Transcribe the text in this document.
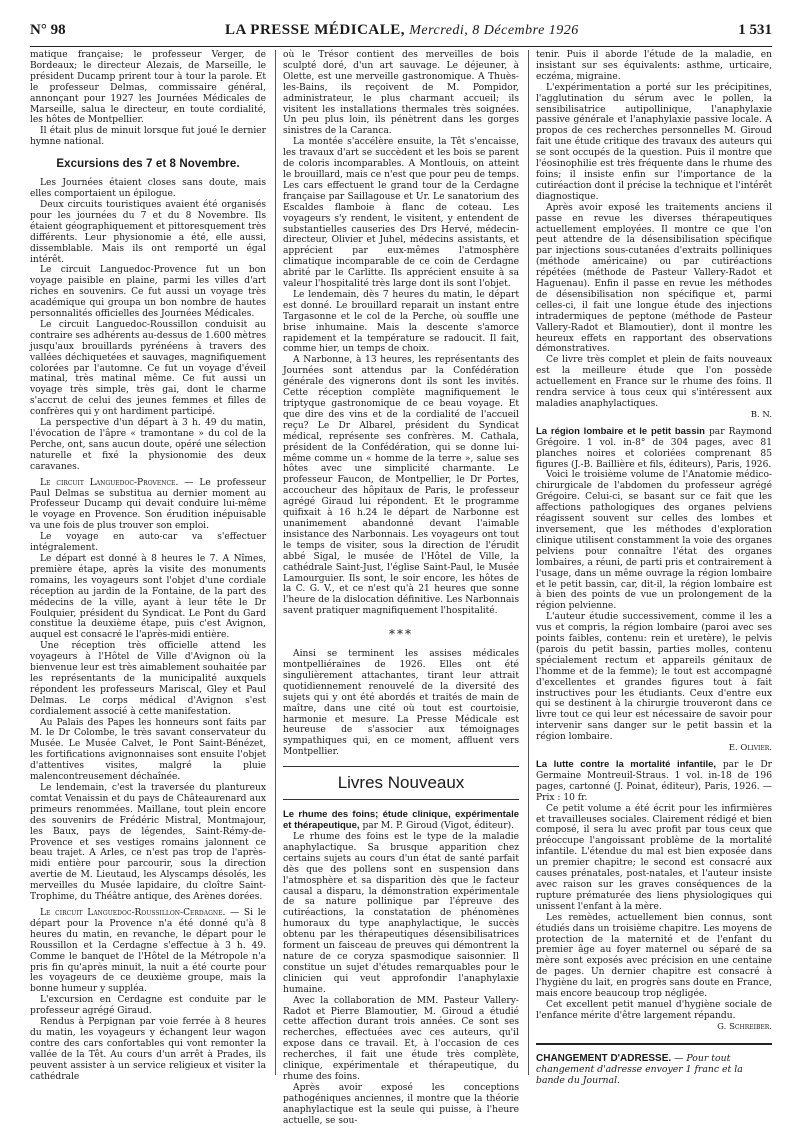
N° 98	LA PRESSE MÉDICALE, Mercredi, 8 Décembre 1926	1 531

matique française; le professeur Verger, de Bordeaux; le directeur Alezais, de Marseille, le président Ducamp prirent tour à tour la parole. Et le professeur Delmas, commissaire général, annonçant pour 1927 les Journées Médicales de Marseille, salua le directeur, en toute cordialité, les hôtes de Montpellier.

Il était plus de minuit lorsque fut joué le dernier hymne national.

Excursions des 7 et 8 Novembre.

Les Journées étaient closes sans doute, mais elles comportaient un épilogue.

Deux circuits touristiques avaient été organisés pour les journées du 7 et du 8 Novembre. Ils étaient géographiquement et pittoresquement très différents. Leur physionomie a été, elle aussi, dissemblable. Mais ils ont remporté un égal intérêt.

Le circuit Languedoc-Provence fut un bon voyage paisible en plaine, parmi les villes d'art riches en souvenirs. Ce fut aussi un voyage très académique qui groupa un bon nombre de hautes personnalités officielles des Journées Médicales.

Le circuit Languedoc-Roussillon conduisit au contraire ses adhérents au-dessus de 1.600 mètres jusqu'aux brouillards pyrénéens à travers des vallées déchiquetées et sauvages, magnifiquement colorées par l'automne. Ce fut un voyage d'éveil matinal, très matinal même. Ce fut aussi un voyage très simple, très gai, dont le charme s'accrut de celui des jeunes femmes et filles de confrères qui y ont hardiment participé.

La perspective d'un départ à 3 h. 49 du matin, l'évocation de l'âpre « tramontane » du col de la Perche, ont, sans aucun doute, opéré une sélection naturelle et fixé la physionomie des deux caravanes.

Le circuit Languedoc-Provence. — Le professeur Paul Delmas se substitua au dernier moment au Professeur Ducamp qui devait conduire lui-même le voyage en Provence. Son érudition inépuisable va une fois de plus trouver son emploi.

Le voyage en auto-car va s'effectuer intégralement.

Le départ est donné à 8 heures le 7. A Nîmes, première étape, après la visite des monuments romains, les voyageurs sont l'objet d'une cordiale réception au jardin de la Fontaine, de la part des médecins de la ville, ayant à leur tête le Dr Foulquier, président du Syndicat. Le Pont du Gard constitue la deuxième étape, puis c'est Avignon, auquel est consacré le l'après-midi entière.

Une réception très officielle attend les voyageurs à l'Hôtel de Ville d'Avignon où la bienvenue leur est très aimablement souhaitée par les représentants de la municipalité auxquels répondent les professeurs Mariscal, Gley et Paul Delmas. Le corps médical d'Avignon s'est cordialement associé à cette manifestation.

Au Palais des Papes les honneurs sont faits par M. le Dr Colombe, le très savant conservateur du Musée. Le Musée Calvet, le Pont Saint-Bénézet, les fortifications avignonnaises sont ensuite l'objet d'attentives visites, malgré la pluie malencontreusement déchaînée.

Le lendemain, c'est la traversée du plantureux comtat Venaissin et du pays de Châteaurenard aux primeurs renommées. Maillane, tout plein encore des souvenirs de Frédéric Mistral, Montmajour, les Baux, pays de légendes, Saint-Rémy-de-Provence et ses vestiges romains jalonnent ce beau trajet. A Arles, ce n'est pas trop de l'après-midi entière pour parcourir, sous la direction avertie de M. Lieutaud, les Alyscamps désolés, les merveilles du Musée lapidaire, du cloître Saint-Trophime, du Théâtre antique, des Arènes dorées.

Le circuit Languedoc-Roussillon-Cerdagne. — Si le départ pour la Provence n'a été donné qu'à 8 heures du matin, en revanche, le départ pour le Roussillon et la Cerdagne s'effectue à 3 h. 49. Comme le banquet de l'Hôtel de la Métropole n'a pris fin qu'après minuit, la nuit a été courte pour les voyageurs de ce deuxième groupe, mais la bonne humeur y suppléa.

L'excursion en Cerdagne est conduite par le professeur agrégé Giraud.

Rendus à Perpignan par voie ferrée à 8 heures du matin, les voyageurs y échangent leur wagon contre des cars confortables qui vont remonter la vallée de la Têt. Au cours d'un arrêt à Prades, ils peuvent assister à un service religieux et visiter la cathédrale

où le Trésor contient des merveilles de bois sculpté doré, d'un art sauvage. Le déjeuner, à Olette, est une merveille gastronomique. A Thuès-les-Bains, ils reçoivent de M. Pompidor, administrateur, le plus charmant accueil; ils visitent les installations thermales très soignées. Un peu plus loin, ils pénètrent dans les gorges sinistres de la Caranca.

La montée s'accélère ensuite, la Têt s'encaisse, les travaux d'art se succèdent et les bois se parent de coloris incomparables. A Montlouis, on atteint le brouillard, mais ce n'est que pour peu de temps. Les cars effectuent le grand tour de la Cerdagne française par Saillagouse et Ur. Le sanatorium des Escaldes flamboie à flanc de coteau. Les voyageurs s'y rendent, le visitent, y entendent de substantielles causeries des Drs Hervé, médecin-directeur, Olivier et Juhel, médecins assistants, et apprécient par eux-mêmes l'atmosphère climatique incomparable de ce coin de Cerdagne abrité par le Carlitte. Ils apprécient ensuite à sa valeur l'hospitalité très large dont ils sont l'objet.

Le lendemain, dès 7 heures du matin, le départ est donné. Le brouillard reparait un instant entre Targasonne et le col de la Perche, où souffle une brise inhumaine. Mais la descente s'amorce rapidement et la température se radoucit. Il fait, comme hier, un temps de choix.

A Narbonne, à 13 heures, les représentants des Journées sont attendus par la Confédération générale des vignerons dont ils sont les invités. Cette réception complète magnifiquement le triptyque gastronomique de ce beau voyage. Et que dire des vins et de la cordialité de l'accueil reçu? Le Dr Albarel, président du Syndicat médical, représente ses confrères. M. Cathala, président de la Confédération, qui se donne lui-même comme un « homme de la terre », salue ses hôtes avec une simplicité charmante. Le professeur Faucon, de Montpellier, le Dr Portes, accoucheur des hôpitaux de Paris, le professeur agrégé Giraud lui répondent. Et le programme quifixait à 16 h.24 le départ de Narbonne est unanimement abandonné devant l'aimable insistance des Narbonnais. Les voyageurs ont tout le temps de visiter, sous la direction de l'érudit abbé Sigal, le musée de l'Hôtel de Ville, la cathédrale Saint-Just, l'église Saint-Paul, le Musée Lamourguier. Ils sont, le soir encore, les hôtes de la C. G. V., et ce n'est qu'à 21 heures que sonne l'heure de la dislocation définitive. Les Narbonnais savent pratiquer magnifiquement l'hospitalité.

***

Ainsi se terminent les assises médicales montpelliéraines de 1926. Elles ont été singulièrement attachantes, tirant leur attrait quotidiennement renouvelé de la diversité des sujets qui y ont été abordés et traités de main de maître, dans une cité où tout est courtoisie, harmonie et mesure. La Presse Médicale est heureuse de s'associer aux témoignages sympathiques qui, en ce moment, affluent vers Montpellier.

Livres Nouveaux
Le rhume des foins; étude clinique, expérimentale et thérapeutique, par M. P. Giroud (Vigot, éditeur).

Le rhume des foins est le type de la maladie anaphylactique. Sa brusque apparition chez certains sujets au cours d'un état de santé parfait dès que des pollens sont en suspension dans l'atmosphère et sa disparition dès que le facteur causal a disparu, la démonstration expérimentale de sa nature pollinique par l'épreuve des cutiréactions, la constatation de phénomènes humoraux du type anaphylactique, le succès obtenu par les thérapeutiques désensibilisatrices forment un faisceau de preuves qui démontrent la nature de ce coryza spasmodique saisonnier. Il constitue un sujet d'études remarquables pour le clinicien qui veut approfondir l'anaphylaxie humaine.

Avec la collaboration de MM. Pasteur Vallery-Radot et Pierre Blamoutier, M. Giroud a étudié cette affection durant trois années. Ce sont ses recherches, effectuées avec ces auteurs, qu'il expose dans ce travail. Et, à l'occasion de ces recherches, il fait une étude très complète, clinique, expérimentale et thérapeutique, du rhume des foins.

Après avoir exposé les conceptions pathogéniques anciennes, il montre que la théorie anaphylactique est la seule qui puisse, à l'heure actuelle, se sou-

tenir. Puis il aborde l'étude de la maladie, en insistant sur ses équivalents: asthme, urticaire, eczéma, migraine.

L'expérimentation a porté sur les précipitines, l'agglutination du sérum avec le pollen, la sensibilisatrice autipollinique, l'anaphylaxie passive générale et l'anaphylaxie passive locale. A propos de ces recherches personnelles M. Giroud fait une étude critique des travaux des auteurs qui se sont occupés de la question. Puis il montre que l'éosinophilie est très fréquente dans le rhume des foins; il insiste enfin sur l'importance de la cutiréaction dont il précise la technique et l'intérêt diagnostique.

Après avoir exposé les traitements anciens il passe en revue les diverses thérapeutiques actuellement employées. Il montre ce que l'on peut attendre de la désensibilisation spécifique par injections sous-cutanées d'extraits polliniques (méthode américaine) ou par cutiréactions répétées (méthode de Pasteur Vallery-Radot et Haguenau). Enfin il passe en revue les méthodes de désensibilisation non spécifique et, parmi celles-ci, il fait une longue étude des injections intradermiques de peptone (méthode de Pasteur Vallery-Radot et Blamoutier), dont il montre les heureux effets en rapportant des observations démonstratives.

Ce livre très complet et plein de faits nouveaux est la meilleure étude que l'on possède actuellement en France sur le rhume des foins. Il rendra service à tous ceux qui s'intéressent aux maladies anaphylactiques.

B. N.

La région lombaire et le petit bassin par Raymond Grégoire. 1 vol. in-8° de 304 pages, avec 81 planches noires et coloriées comprenant 85 figures (J.-B. Baillière et fils, éditeurs), Paris, 1926.

Voici le troisième volume de l'Anatomie médico-chirurgicale de l'abdomen du professeur agrégé Grégoire. Celui-ci, se basant sur ce fait que les affections pathologiques des organes pelviens réagissent souvent sur celles des lombes et inversement, que les méthodes d'exploration clinique utilisent constamment la voie des organes pelviens pour connaître l'état des organes lombaires, a réuni, de parti pris et contrairement à l'usage, dans un même ouvrage la région lombaire et le petit bassin, car, dit-il, la région lombaire est à bien des points de vue un prolongement de la région pelvienne.

L'auteur étudie successivement, comme il les a vus et compris, la région lombaire (paroi avec ses points faibles, contenu: rein et uretère), le pelvis (parois du petit bassin, parties molles, contenu spécialement rectum et appareils génitaux de l'homme et de la femme); le tout est accompagné d'excellentes et grandes figures tout à fait instructives pour les étudiants. Ceux d'entre eux qui se destinent à la chirurgie trouveront dans ce livre tout ce qui leur est nécessaire de savoir pour intervenir sans danger sur le petit bassin et la région lombaire.

E. Olivier.

La lutte contre la mortalité infantile, par le Dr Germaine Montreuil-Straus. 1 vol. in-18 de 196 pages, cartonné (J. Poinat, éditeur), Paris, 1926. — Prix : 10 fr.

Ce petit volume a été écrit pour les infirmières et travailleuses sociales. Clairement rédigé et bien composé, il sera lu avec profit par tous ceux que préoccupe l'angoissant problème de la mortalité infantile. L'étendue du mal est bien exposée dans un premier chapitre; le second est consacré aux causes prénatales, post-natales, et l'auteur insiste avec raison sur les graves conséquences de la rupture prématurée des liens physiologiques qui unissent l'enfant à la mère.

Les remèdes, actuellement bien connus, sont étudiés dans un troisième chapitre. Les moyens de protection de la maternité et de l'enfant du premier âge au foyer maternel ou séparé de sa mère sont exposés avec précision en une centaine de pages. Un dernier chapitre est consacré à l'hygiène du lait, en progrès sans doute en France, mais encore beaucoup trop négligée.

Cet excellent petit manuel d'hygiène sociale de l'enfance mérite d'être largement répandu.

G. Schreiber.

CHANGEMENT D'ADRESSE. — Pour tout changement d'adresse envoyer 1 franc et la bande du Journal.
